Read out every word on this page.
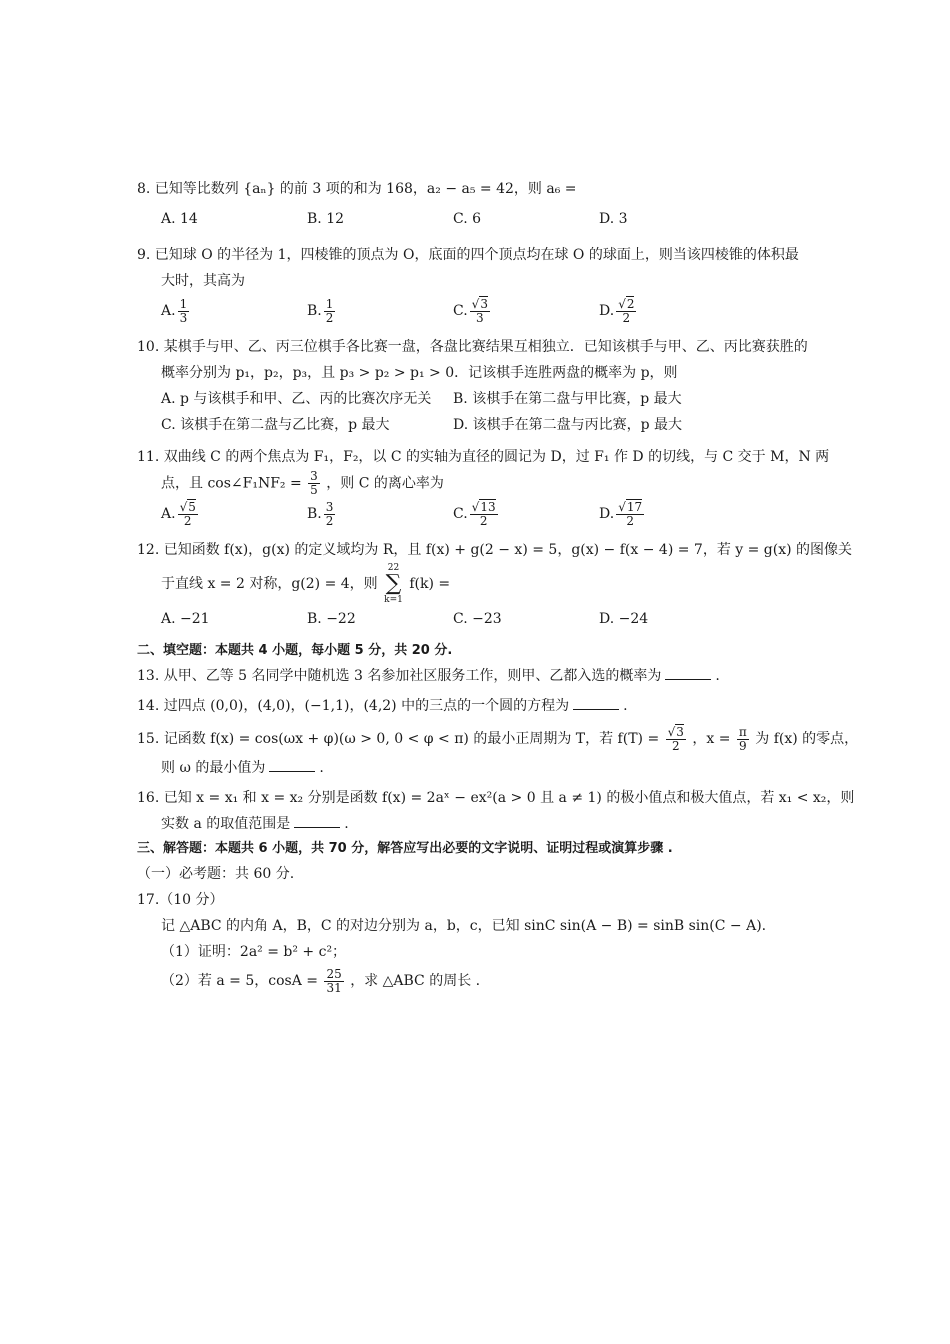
8. 已知等比数列 {aₙ} 的前 3 项的和为 168，a₂ − a₅ = 42，则 a₆ =
A. 14	B. 12	C. 6	D. 3
9. 已知球 O 的半径为 1，四棱锥的顶点为 O，底面的四个顶点均在球 O 的球面上，则当该四棱锥的体积最
大时，其高为
A. $\frac{1}{3}$	B. $\frac{1}{2}$	C. $\frac{√3}{3}$	D. $\frac{√2}{2}$
10. 某棋手与甲、乙、丙三位棋手各比赛一盘，各盘比赛结果互相独立．已知该棋手与甲、乙、丙比赛获胜的
概率分别为 p₁，p₂，p₃，且 p₃ > p₂ > p₁ > 0．记该棋手连胜两盘的概率为 p，则
A. p 与该棋手和甲、乙、丙的比赛次序无关	B. 该棋手在第二盘与甲比赛，p 最大
C. 该棋手在第二盘与乙比赛，p 最大	D. 该棋手在第二盘与丙比赛，p 最大
11. 双曲线 C 的两个焦点为 F₁，F₂，以 C 的实轴为直径的圆记为 D，过 F₁ 作 D 的切线，与 C 交于 M，N 两
点，且 cos∠F₁NF₂ = $\frac{3}{5}$ ，则 C 的离心率为
A. $\frac{√5}{2}$	B. $\frac{3}{2}$	C. $\frac{√13}{2}$	D. $\frac{√17}{2}$
12. 已知函数 f(x)，g(x) 的定义域均为 R，且 f(x) + g(2 − x) = 5，g(x) − f(x − 4) = 7，若 y = g(x) 的图像关
于直线 x = 2 对称，g(2) = 4，则
22
∑
k=1
f(k) =
A. −21	B. −22	C. −23	D. −24
二、填空题：本题共 4 小题，每小题 5 分，共 20 分.
13. 从甲、乙等 5 名同学中随机选 3 名参加社区服务工作，则甲、乙都入选的概率为	.
14. 过四点 (0,0)，(4,0)，(−1,1)，(4,2) 中的三点的一个圆的方程为	.
15. 记函数 f(x) = cos(ωx + φ)(ω > 0, 0 < φ < π) 的最小正周期为 T，若 $f(T) = \frac{√3}{2}$ ，$x = \frac{\pi}{9}$ 为 f(x) 的零点，
则 ω 的最小值为	.
16. 已知 x = x₁ 和 x = x₂ 分别是函数 f(x) = 2aˣ − ex²(a > 0 且 a ≠ 1) 的极小值点和极大值点，若 x₁ < x₂，则
实数 a 的取值范围是	.
三、解答题：本题共 6 小题，共 70 分，解答应写出必要的文字说明、证明过程或演算步骤 .
（一）必考题：共 60 分.
17.（10 分）
记 △ABC 的内角 A，B，C 的对边分别为 a，b，c，已知 sinC sin(A − B) = sinB sin(C − A).
（1）证明：2a² = b² + c²；
（2）若 a = 5，$\cos A = \frac{25}{31}$ ，求 △ABC 的周长 .
